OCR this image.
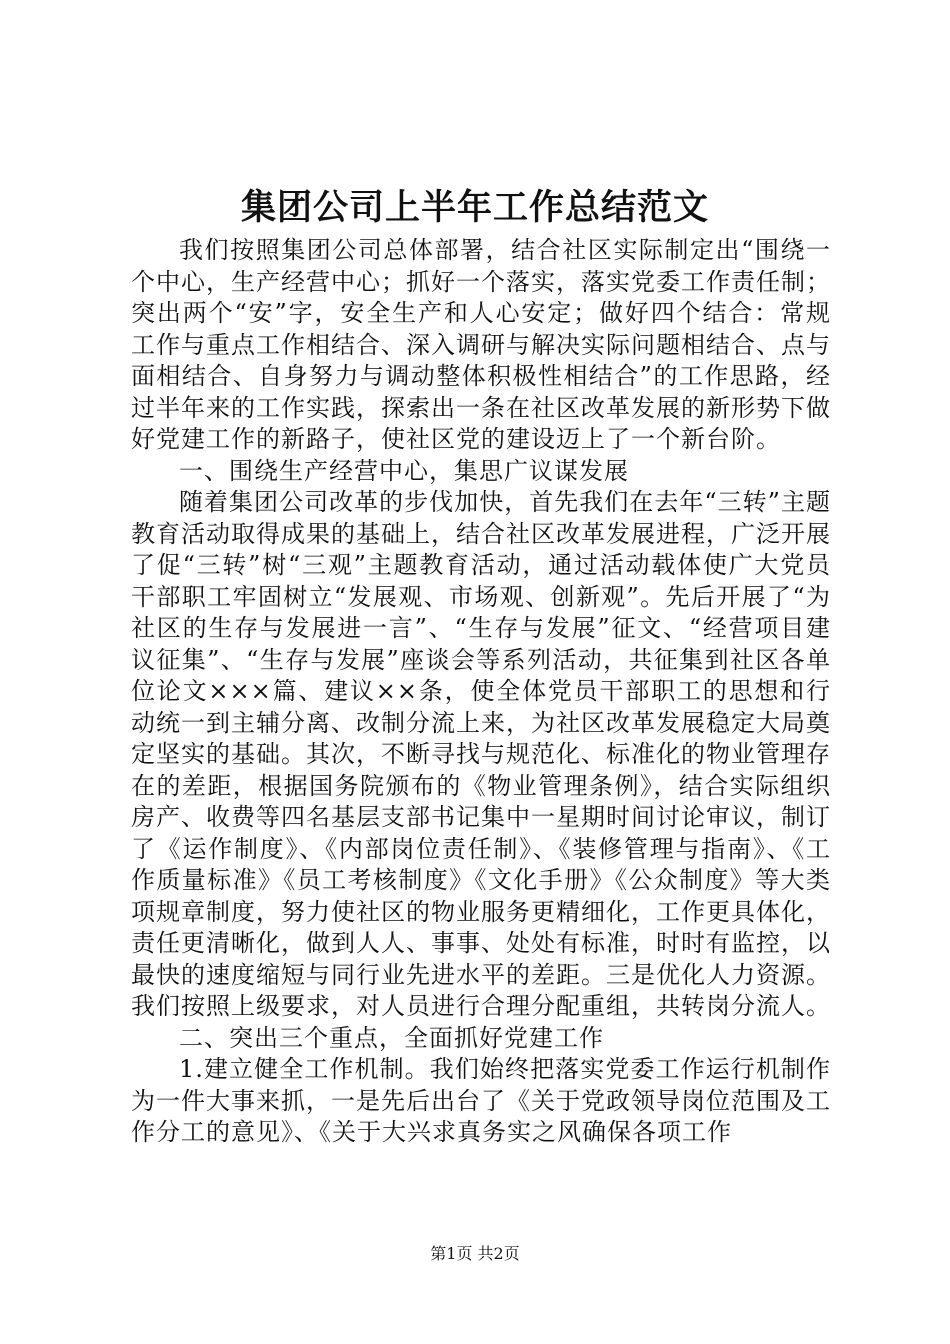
集团公司上半年工作总结范文

我们按照集团公司总体部署，结合社区实际制定出“围绕一个中心，生产经营中心；抓好一个落实，落实党委工作责任制；突出两个“安”字，安全生产和人心安定；做好四个结合：常规工作与重点工作相结合、深入调研与解决实际问题相结合、点与面相结合、自身努力与调动整体积极性相结合”的工作思路，经过半年来的工作实践，探索出一条在社区改革发展的新形势下做好党建工作的新路子，使社区党的建设迈上了一个新台阶。

一、围绕生产经营中心，集思广议谋发展

随着集团公司改革的步伐加快，首先我们在去年“三转”主题教育活动取得成果的基础上，结合社区改革发展进程，广泛开展了促“三转”树“三观”主题教育活动，通过活动载体使广大党员干部职工牢固树立“发展观、市场观、创新观”。先后开展了“为社区的生存与发展进一言”、“生存与发展”征文、“经营项目建议征集”、“生存与发展”座谈会等系列活动，共征集到社区各单位论文×××篇、建议××条，使全体党员干部职工的思想和行动统一到主辅分离、改制分流上来，为社区改革发展稳定大局奠定坚实的基础。其次，不断寻找与规范化、标准化的物业管理存在的差距，根据国务院颁布的《物业管理条例》，结合实际组织房产、收费等四名基层支部书记集中一星期时间讨论审议，制订了《运作制度》、《内部岗位责任制》、《装修管理与指南》、《工作质量标准》《员工考核制度》《文化手册》《公众制度》等大类项规章制度，努力使社区的物业服务更精细化，工作更具体化，责任更清晰化，做到人人、事事、处处有标准，时时有监控，以最快的速度缩短与同行业先进水平的差距。三是优化人力资源。我们按照上级要求，对人员进行合理分配重组，共转岗分流人。

二、突出三个重点，全面抓好党建工作

1.建立健全工作机制。我们始终把落实党委工作运行机制作为一件大事来抓，一是先后出台了《关于党政领导岗位范围及工作分工的意见》、《关于大兴求真务实之风确保各项工作

第1页 共2页
